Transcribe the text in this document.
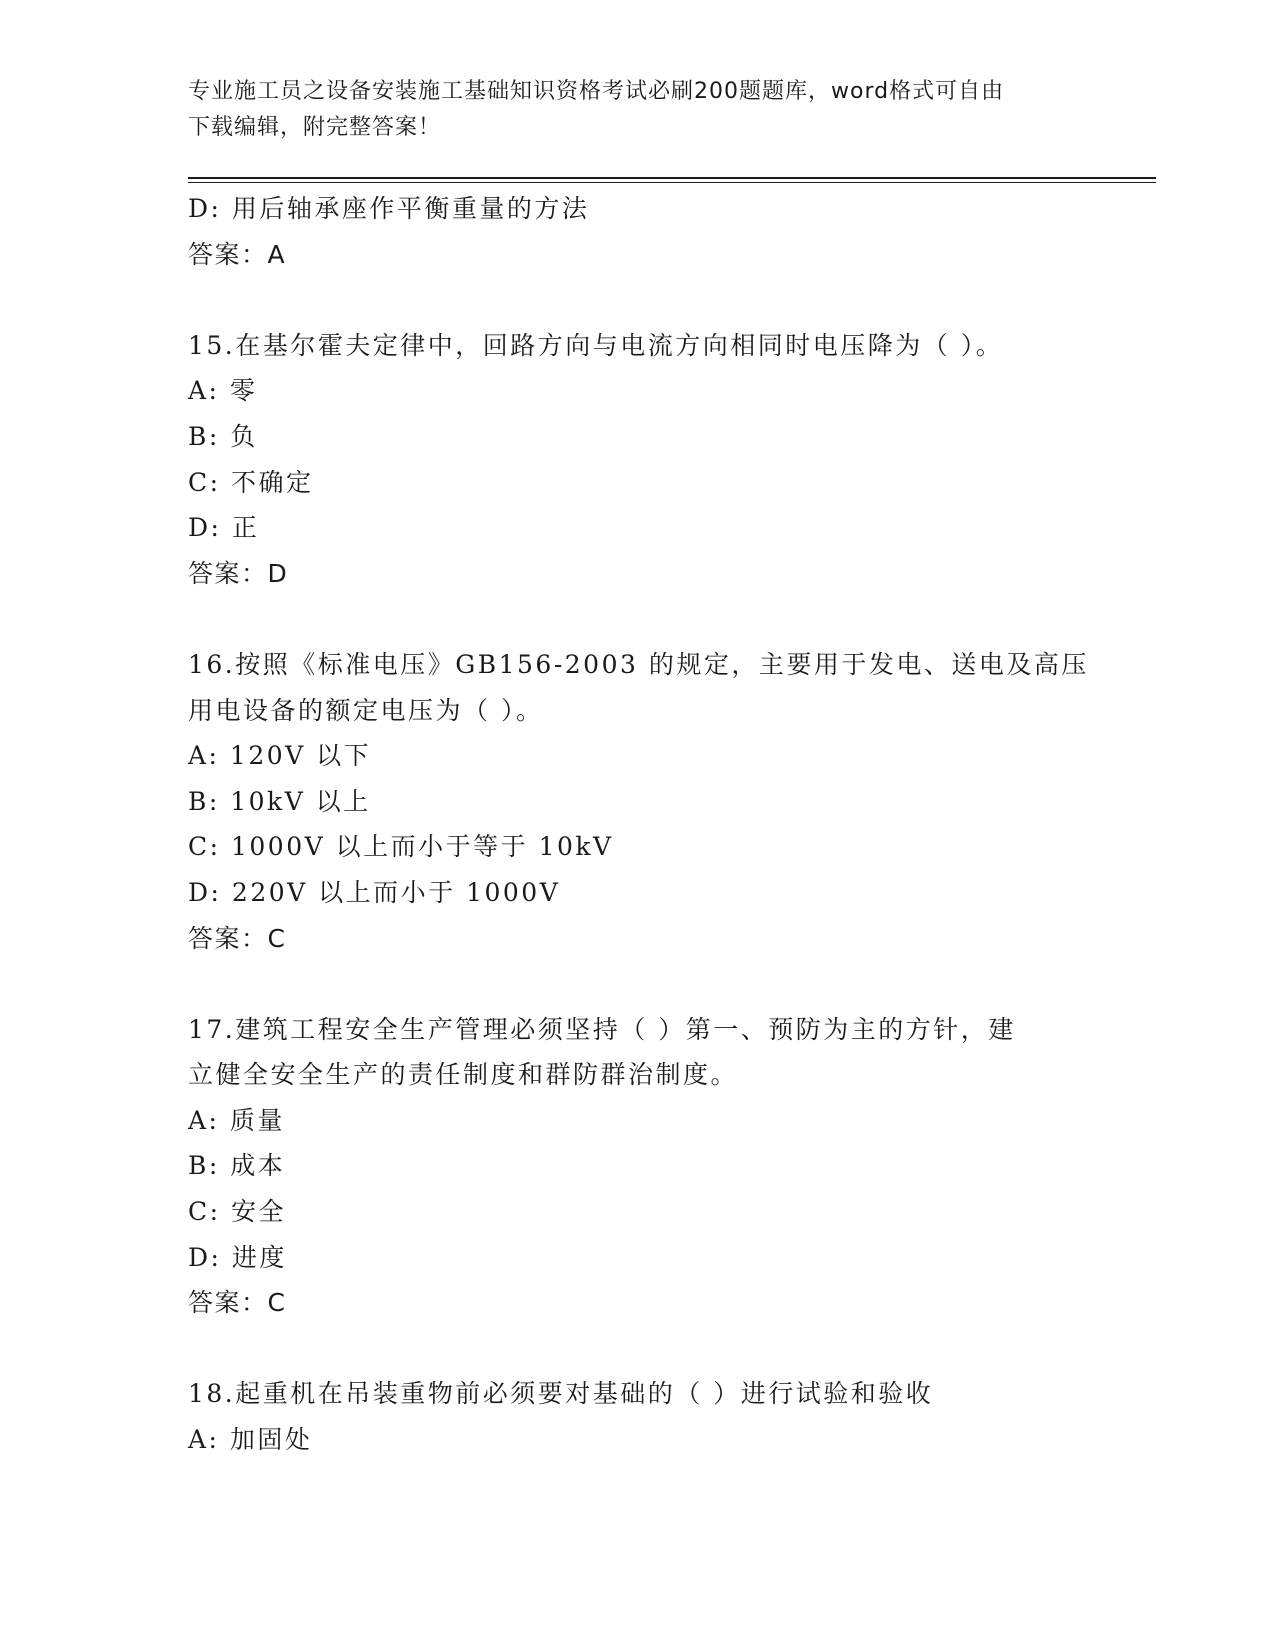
专业施工员之设备安装施工基础知识资格考试必刷200题题库，word格式可自由
下载编辑，附完整答案！
D: 用后轴承座作平衡重量的方法
答案：A
15.在基尔霍夫定律中，回路方向与电流方向相同时电压降为（ ）。
A: 零
B: 负
C: 不确定
D: 正
答案：D
16.按照《标准电压》GB156-2003 的规定，主要用于发电、送电及高压
用电设备的额定电压为（ ）。
A: 120V 以下
B: 10kV 以上
C: 1000V 以上而小于等于 10kV
D: 220V 以上而小于 1000V
答案：C
17.建筑工程安全生产管理必须坚持（ ）第一、预防为主的方针，建
立健全安全生产的责任制度和群防群治制度。
A: 质量
B: 成本
C: 安全
D: 进度
答案：C
18.起重机在吊装重物前必须要对基础的（ ）进行试验和验收
A: 加固处
